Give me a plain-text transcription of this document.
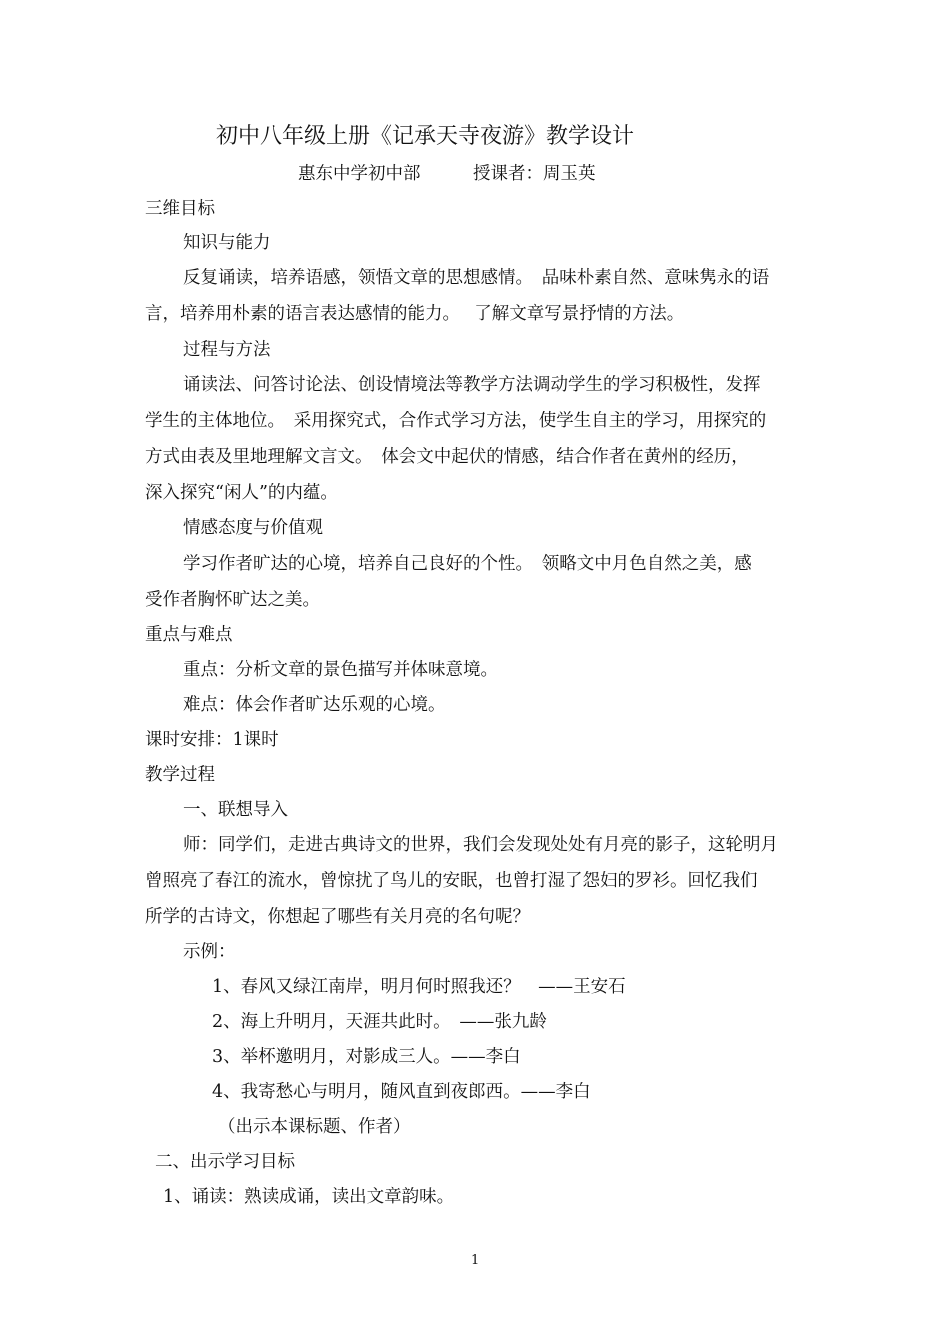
初中八年级上册《记承天寺夜游》教学设计
惠东中学初中部　　　授课者：周玉英
三维目标
知识与能力
反复诵读，培养语感，领悟文章的思想感情。　品味朴素自然、意味隽永的语
言，培养用朴素的语言表达感情的能力。　 了解文章写景抒情的方法。
过程与方法
诵读法、问答讨论法、创设情境法等教学方法调动学生的学习积极性，发挥
学生的主体地位。　采用探究式，合作式学习方法，使学生自主的学习，用探究的
方式由表及里地理解文言文。　体会文中起伏的情感，结合作者在黄州的经历，
深入探究“闲人”的内蕴。
情感态度与价值观
学习作者旷达的心境，培养自己良好的个性。　领略文中月色自然之美，感
受作者胸怀旷达之美。
重点与难点
重点：分析文章的景色描写并体味意境。
难点：体会作者旷达乐观的心境。
课时安排：1课时
教学过程
一、联想导入
师：同学们，走进古典诗文的世界，我们会发现处处有月亮的影子，这轮明月
曾照亮了春江的流水，曾惊扰了鸟儿的安眠，也曾打湿了怨妇的罗衫。回忆我们
所学的古诗文，你想起了哪些有关月亮的名句呢？
示例：
1、春风又绿江南岸，明月何时照我还？　——王安石
2、海上升明月，天涯共此时。　——张九龄
3、举杯邀明月，对影成三人。——李白
4、我寄愁心与明月，随风直到夜郎西。——李白
（出示本课标题、作者）
二、出示学习目标
1、诵读：熟读成诵，读出文章韵味。
1
